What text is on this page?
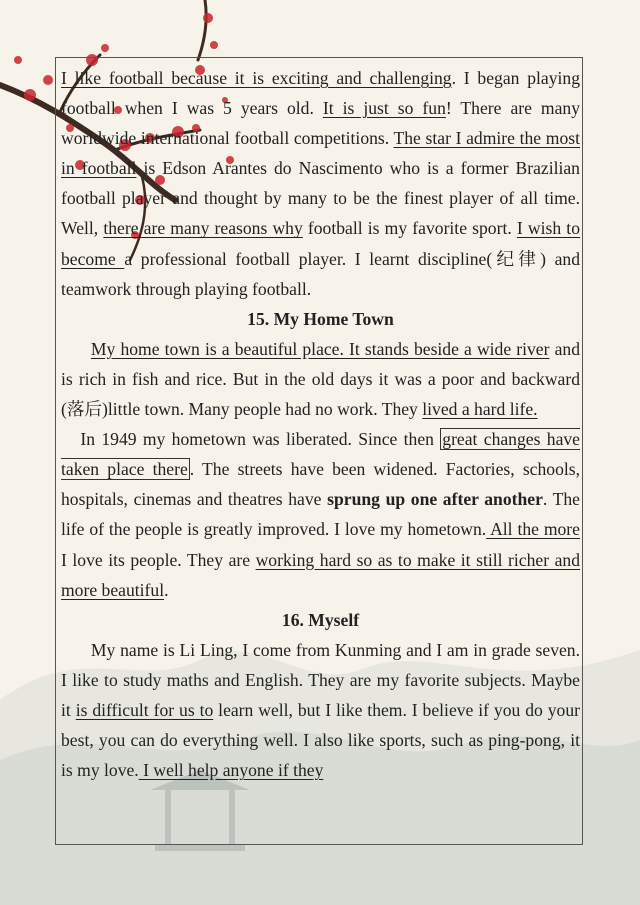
I like football because it is exciting and challenging. I began playing football when I was 5 years old. It is just so fun! There are many worldwide international football competitions. The star I admire the most in football is Edson Arantes do Nascimento who is a former Brazilian football player and thought by many to be the finest player of all time. Well, there are many reasons why football is my favorite sport. I wish to become a professional football player. I learnt discipline(纪律) and teamwork through playing football.

15. My Home Town

My home town is a beautiful place. It stands beside a wide river and is rich in fish and rice. But in the old days it was a poor and backward (落后)little town. Many people had no work. They lived a hard life.

In 1949 my hometown was liberated. Since then great changes have taken place there . The streets have been widened. Factories, schools, hospitals, cinemas and theatres have sprung up one after another. The life of the people is greatly improved. I love my hometown. All the more I love its people. They are working hard so as to make it still richer and more beautiful.

16. Myself

My name is Li Ling, I come from Kunming and I am in grade seven. I like to study maths and English. They are my favorite subjects. Maybe it is difficult for us to learn well, but I like them. I believe if you do your best, you can do everything well. I also like sports, such as ping-pong, it is my love. I well help anyone if they
